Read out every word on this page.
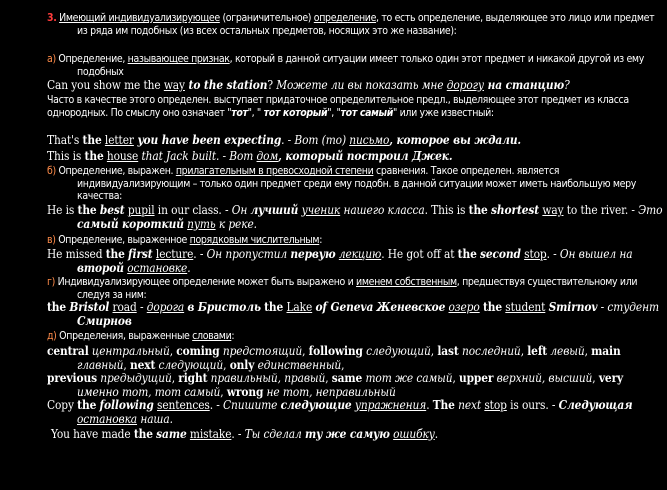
3. Имеющий индивидуализирующее (ограничительное) определение, то есть определение, выделяющее это лицо или предмет из ряда им подобных (из всех остальных предметов, носящих это же название):
а) Определение, называющее признак, который в данной ситуации имеет только один этот предмет и никакой другой из ему подобных
Can you show me the way to the station? Можете ли вы показать мне дорогу на станцию?
Часто в качестве этого определен. выступает придаточное определительное предл., выделяющее этот предмет из класса однородных. По смыслу оно означает "тот", " тот который", "тот самый" или уже известный:
That's the letter you have been expecting. - Вот (то) письмо, которое вы ждали.
This is the house that Jack built. - Вот дом, который построил Джек.
б) Определение, выражен. прилагательным в превосходной степени сравнения. Такое определен. является индивидуализирующим – только один предмет среди ему подобн. в данной ситуации может иметь наибольшую меру качества:
He is the best pupil in our class. - Он лучший ученик нашего класса. This is the shortest way to the river. - Это самый короткий путь к реке.
в) Определение, выраженное порядковым числительным:
He missed the first lecture. - Он пропустил первую лекцию. He got off at the second stop. - Он вышел на второй остановке.
г) Индивидуализирующее определение может быть выражено и именем собственным, предшествуя существительному или следуя за ним:
the Bristol road - дорога в Бристоль the Lake of Geneva Женевское озеро the student Smirnov - студент Смирнов
д) Определения, выраженные словами:
central центральный, coming предстоящий, following следующий, last последний, left левый, main главный, next следующий, only единственный,
previous предыдущий, right правильный, правый, same тот же самый, upper верхний, высший, very именно тот, тот самый, wrong не тот, неправильный
Copy the following sentences. - Спишите следующие упражнения. The next stop is ours. - Следующая остановка наша.
You have made the same mistake. - Ты сделал ту же самую ошибку.
